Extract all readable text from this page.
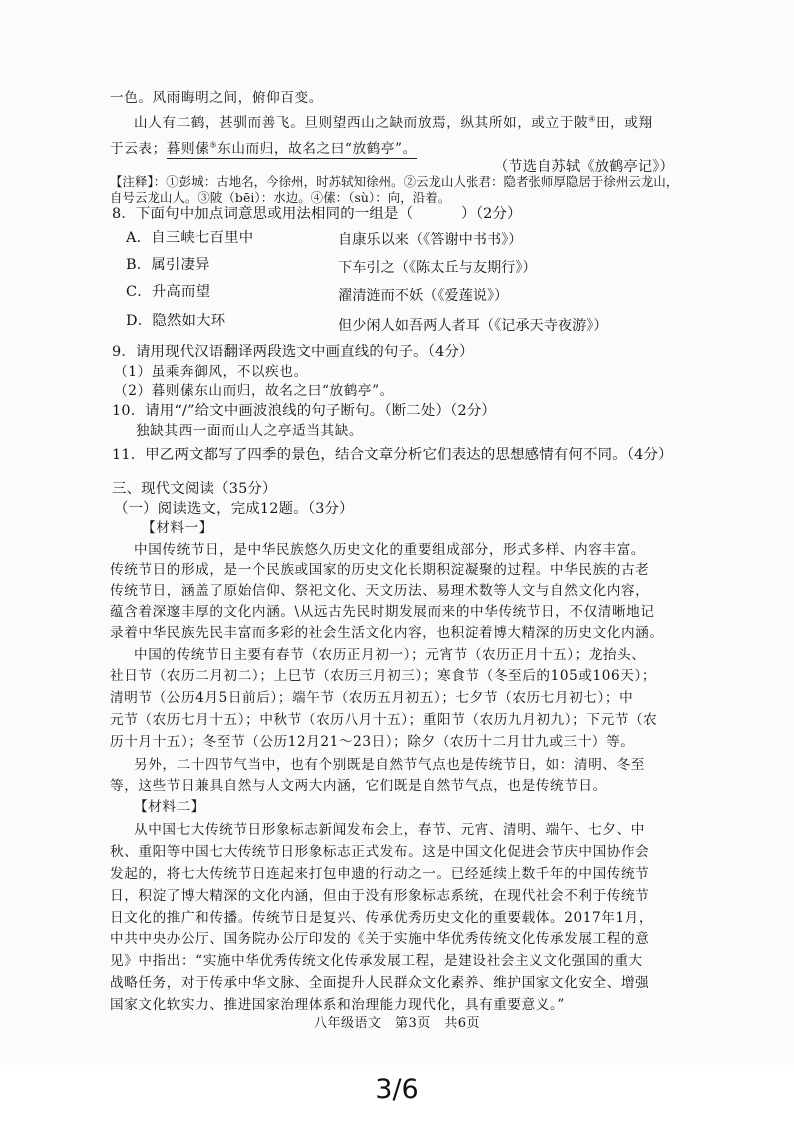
一色。风雨晦明之间，俯仰百变。
山人有二鹤，甚驯而善飞。旦则望西山之缺而放焉，纵其所如，或立于陂④田，或翔
于云表；暮则傃⑤东山而归，故名之曰“放鹤亭”。
（节选自苏轼《放鹤亭记》）
【注释】：①彭城：古地名，今徐州，时苏轼知徐州。②云龙山人张君：隐者张师厚隐居于徐州云龙山，
自号云龙山人。③陂（bēi）：水边。④傃：（sù）：向，沿着。
8．下面句中加点词意思或用法相同的一组是（	）（2分）
A．自三峡七百里中	自康乐以来（《答谢中书书》）
B．属引凄异	下车引之（《陈太丘与友期行》）
C．升高而望	濯清涟而不妖（《爱莲说》）
D．隐然如大环	但少闲人如吾两人者耳（《记承天寺夜游》）
9．请用现代汉语翻译两段选文中画直线的句子。（4分）
（1）虽乘奔御风，不以疾也。
（2）暮则傃东山而归，故名之曰“放鹤亭”。
10．请用“/”给文中画波浪线的句子断句。（断二处）（2分）
独缺其西一面而山人之亭适当其缺。
11．甲乙两文都写了四季的景色，结合文章分析它们表达的思想感情有何不同。（4分）
三、现代文阅读（35分）
（一）阅读选文，完成12题。（3分）
【材料一】
中国传统节日，是中华民族悠久历史文化的重要组成部分，形式多样、内容丰富。
传统节日的形成，是一个民族或国家的历史文化长期积淀凝聚的过程。中华民族的古老
传统节日，涵盖了原始信仰、祭祀文化、天文历法、易理术数等人文与自然文化内容，
蕴含着深邃丰厚的文化内涵。\从远古先民时期发展而来的中华传统节日，不仅清晰地记
录着中华民族先民丰富而多彩的社会生活文化内容，也积淀着博大精深的历史文化内涵。
中国的传统节日主要有春节（农历正月初一）；元宵节（农历正月十五）；龙抬头、
社日节（农历二月初二）；上巳节（农历三月初三）；寒食节（冬至后的105或106天）；
清明节（公历4月5日前后）；端午节（农历五月初五）；七夕节（农历七月初七）；中
元节（农历七月十五）；中秋节（农历八月十五）；重阳节（农历九月初九）；下元节（农
历十月十五）；冬至节（公历12月21～23日）；除夕（农历十二月廿九或三十）等。
另外，二十四节气当中，也有个别既是自然节气点也是传统节日，如：清明、冬至
等，这些节日兼具自然与人文两大内涵，它们既是自然节气点，也是传统节日。
【材料二】
从中国七大传统节日形象标志新闻发布会上，春节、元宵、清明、端午、七夕、中
秋、重阳等中国七大传统节日形象标志正式发布。这是中国文化促进会节庆中国协作会
发起的，将七大传统节日连起来打包申遗的行动之一。已经延续上数千年的中国传统节
日，积淀了博大精深的文化内涵，但由于没有形象标志系统，在现代社会不利于传统节
日文化的推广和传播。传统节日是复兴、传承优秀历史文化的重要载体。2017年1月，
中共中央办公厅、国务院办公厅印发的《关于实施中华优秀传统文化传承发展工程的意
见》中指出：“实施中华优秀传统文化传承发展工程，是建设社会主义文化强国的重大
战略任务，对于传承中华文脉、全面提升人民群众文化素养、维护国家文化安全、增强
国家文化软实力、推进国家治理体系和治理能力现代化，具有重要意义。”
八年级语文　第3页　共6页
3/6
